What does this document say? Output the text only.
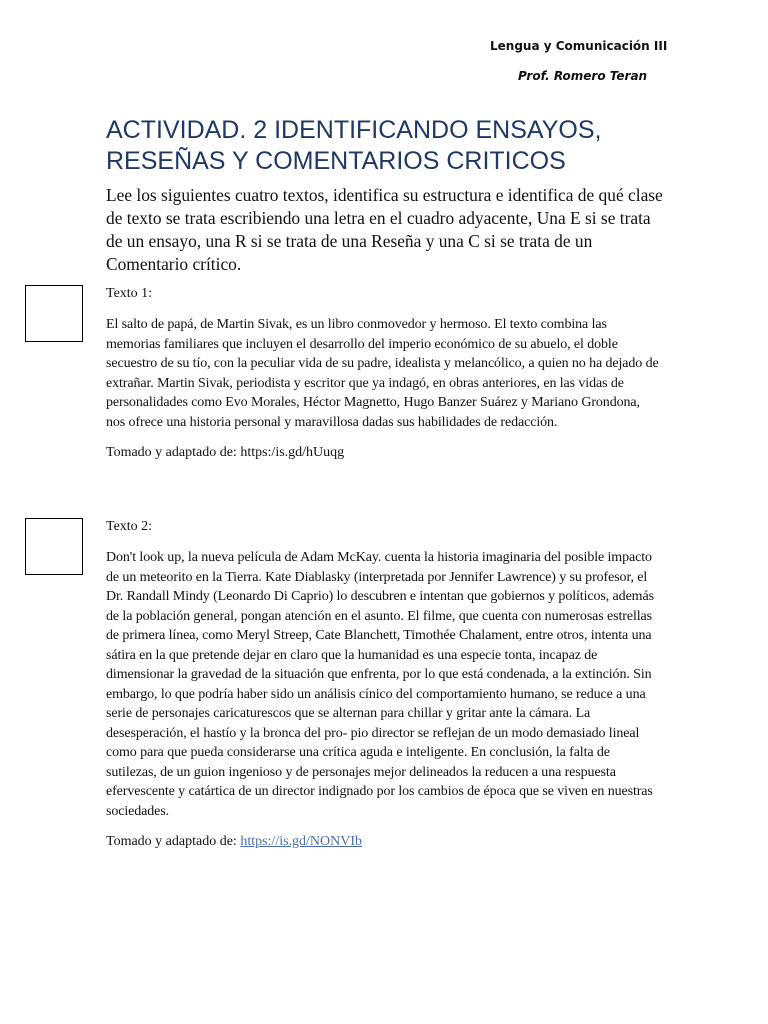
Lengua y Comunicación III
Prof. Romero Teran
ACTIVIDAD. 2 IDENTIFICANDO ENSAYOS, RESEÑAS Y COMENTARIOS CRITICOS

Lee los siguientes cuatro textos, identifica su estructura e identifica de qué clase de texto se trata escribiendo una letra en el cuadro adyacente, Una E si se trata de un ensayo, una R si se trata de una Reseña y una C si se trata de un Comentario crítico.

Texto 1:

El salto de papá, de Martin Sivak, es un libro conmovedor y hermoso. El texto combina las memorias familiares que incluyen el desarrollo del imperio económico de su abuelo, el doble secuestro de su tío, con la peculiar vida de su padre, idealista y melancólico, a quien no ha dejado de extrañar. Martin Sivak, periodista y escritor que ya indagó, en obras anteriores, en las vidas de personalidades como Evo Morales, Héctor Magnetto, Hugo Banzer Suárez y Mariano Grondona, nos ofrece una historia personal y maravillosa dadas sus habilidades de redacción.

Tomado y adaptado de: https:/is.gd/hUuqg

Texto 2:

Don't look up, la nueva película de Adam McKay. cuenta la historia imaginaria del posible impacto de un meteorito en la Tierra. Kate Diablasky (interpretada por Jennifer Lawrence) y su profesor, el Dr. Randall Mindy (Leonardo Di Caprio) lo descubren e intentan que gobiernos y políticos, además de la población general, pongan atención en el asunto. El filme, que cuenta con numerosas estrellas de primera línea, como Meryl Streep, Cate Blanchett, Timothée Chalament, entre otros, intenta una sátira en la que pretende dejar en claro que la humanidad es una especie tonta, incapaz de dimensionar la gravedad de la situación que enfrenta, por lo que está condenada, a la extinción. Sin embargo, lo que podría haber sido un análisis cínico del comportamiento humano, se reduce a una serie de personajes caricaturescos que se alternan para chillar y gritar ante la cámara. La desesperación, el hastío y la bronca del pro- pio director se reflejan de un modo demasiado lineal como para que pueda considerarse una crítica aguda e inteligente. En conclusión, la falta de sutilezas, de un guion ingenioso y de personajes mejor delineados la reducen a una respuesta efervescente y catártica de un director indignado por los cambios de época que se viven en nuestras sociedades.

Tomado y adaptado de: https://is.gd/NONVIb
